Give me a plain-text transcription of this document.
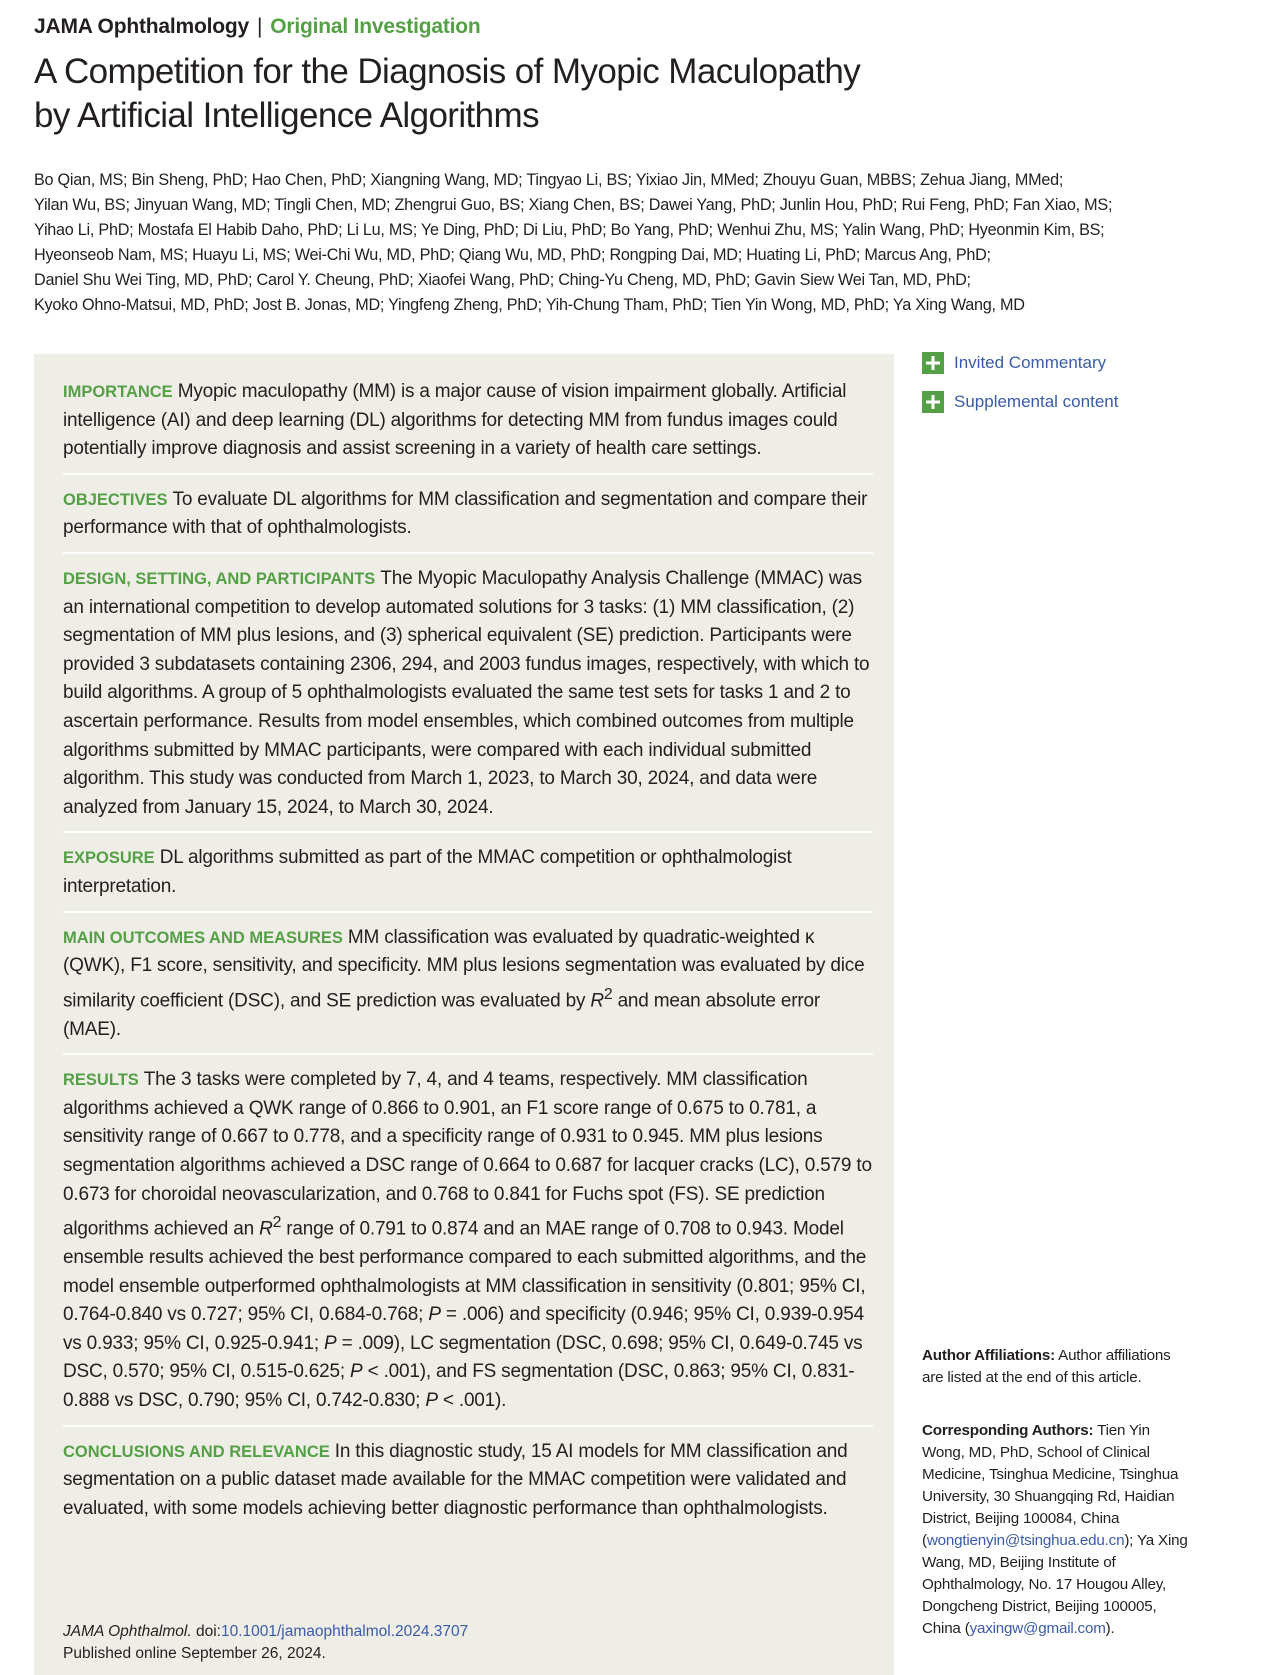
JAMA Ophthalmology | Original Investigation
A Competition for the Diagnosis of Myopic Maculopathy
by Artificial Intelligence Algorithms
Bo Qian, MS; Bin Sheng, PhD; Hao Chen, PhD; Xiangning Wang, MD; Tingyao Li, BS; Yixiao Jin, MMed; Zhouyu Guan, MBBS; Zehua Jiang, MMed;
Yilan Wu, BS; Jinyuan Wang, MD; Tingli Chen, MD; Zhengrui Guo, BS; Xiang Chen, BS; Dawei Yang, PhD; Junlin Hou, PhD; Rui Feng, PhD; Fan Xiao, MS;
Yihao Li, PhD; Mostafa El Habib Daho, PhD; Li Lu, MS; Ye Ding, PhD; Di Liu, PhD; Bo Yang, PhD; Wenhui Zhu, MS; Yalin Wang, PhD; Hyeonmin Kim, BS;
Hyeonseob Nam, MS; Huayu Li, MS; Wei-Chi Wu, MD, PhD; Qiang Wu, MD, PhD; Rongping Dai, MD; Huating Li, PhD; Marcus Ang, PhD;
Daniel Shu Wei Ting, MD, PhD; Carol Y. Cheung, PhD; Xiaofei Wang, PhD; Ching-Yu Cheng, MD, PhD; Gavin Siew Wei Tan, MD, PhD;
Kyoko Ohno-Matsui, MD, PhD; Jost B. Jonas, MD; Yingfeng Zheng, PhD; Yih-Chung Tham, PhD; Tien Yin Wong, MD, PhD; Ya Xing Wang, MD
IMPORTANCE Myopic maculopathy (MM) is a major cause of vision impairment globally. Artificial intelligence (AI) and deep learning (DL) algorithms for detecting MM from fundus images could potentially improve diagnosis and assist screening in a variety of health care settings.
OBJECTIVES To evaluate DL algorithms for MM classification and segmentation and compare their performance with that of ophthalmologists.
DESIGN, SETTING, AND PARTICIPANTS The Myopic Maculopathy Analysis Challenge (MMAC) was an international competition to develop automated solutions for 3 tasks: (1) MM classification, (2) segmentation of MM plus lesions, and (3) spherical equivalent (SE) prediction. Participants were provided 3 subdatasets containing 2306, 294, and 2003 fundus images, respectively, with which to build algorithms. A group of 5 ophthalmologists evaluated the same test sets for tasks 1 and 2 to ascertain performance. Results from model ensembles, which combined outcomes from multiple algorithms submitted by MMAC participants, were compared with each individual submitted algorithm. This study was conducted from March 1, 2023, to March 30, 2024, and data were analyzed from January 15, 2024, to March 30, 2024.
EXPOSURE DL algorithms submitted as part of the MMAC competition or ophthalmologist interpretation.
MAIN OUTCOMES AND MEASURES MM classification was evaluated by quadratic-weighted κ (QWK), F1 score, sensitivity, and specificity. MM plus lesions segmentation was evaluated by dice similarity coefficient (DSC), and SE prediction was evaluated by $R^2$ and mean absolute error (MAE).
RESULTS The 3 tasks were completed by 7, 4, and 4 teams, respectively. MM classification algorithms achieved a QWK range of 0.866 to 0.901, an F1 score range of 0.675 to 0.781, a sensitivity range of 0.667 to 0.778, and a specificity range of 0.931 to 0.945. MM plus lesions segmentation algorithms achieved a DSC range of 0.664 to 0.687 for lacquer cracks (LC), 0.579 to 0.673 for choroidal neovascularization, and 0.768 to 0.841 for Fuchs spot (FS). SE prediction algorithms achieved an $R^2$ range of 0.791 to 0.874 and an MAE range of 0.708 to 0.943. Model ensemble results achieved the best performance compared to each submitted algorithms, and the model ensemble outperformed ophthalmologists at MM classification in sensitivity (0.801; 95% CI, 0.764-0.840 vs 0.727; 95% CI, 0.684-0.768; P = .006) and specificity (0.946; 95% CI, 0.939-0.954 vs 0.933; 95% CI, 0.925-0.941; P = .009), LC segmentation (DSC, 0.698; 95% CI, 0.649-0.745 vs DSC, 0.570; 95% CI, 0.515-0.625; P < .001), and FS segmentation (DSC, 0.863; 95% CI, 0.831-0.888 vs DSC, 0.790; 95% CI, 0.742-0.830; P < .001).
CONCLUSIONS AND RELEVANCE In this diagnostic study, 15 AI models for MM classification and segmentation on a public dataset made available for the MMAC competition were validated and evaluated, with some models achieving better diagnostic performance than ophthalmologists.
JAMA Ophthalmol. doi:10.1001/jamaophthalmol.2024.3707
Published online September 26, 2024.
Invited Commentary
Supplemental content
Author Affiliations: Author affiliations are listed at the end of this article.
Corresponding Authors: Tien Yin Wong, MD, PhD, School of Clinical Medicine, Tsinghua Medicine, Tsinghua University, 30 Shuangqing Rd, Haidian District, Beijing 100084, China (wongtienyin@tsinghua.edu.cn); Ya Xing Wang, MD, Beijing Institute of Ophthalmology, No. 17 Hougou Alley, Dongcheng District, Beijing 100005, China (yaxingw@gmail.com).
